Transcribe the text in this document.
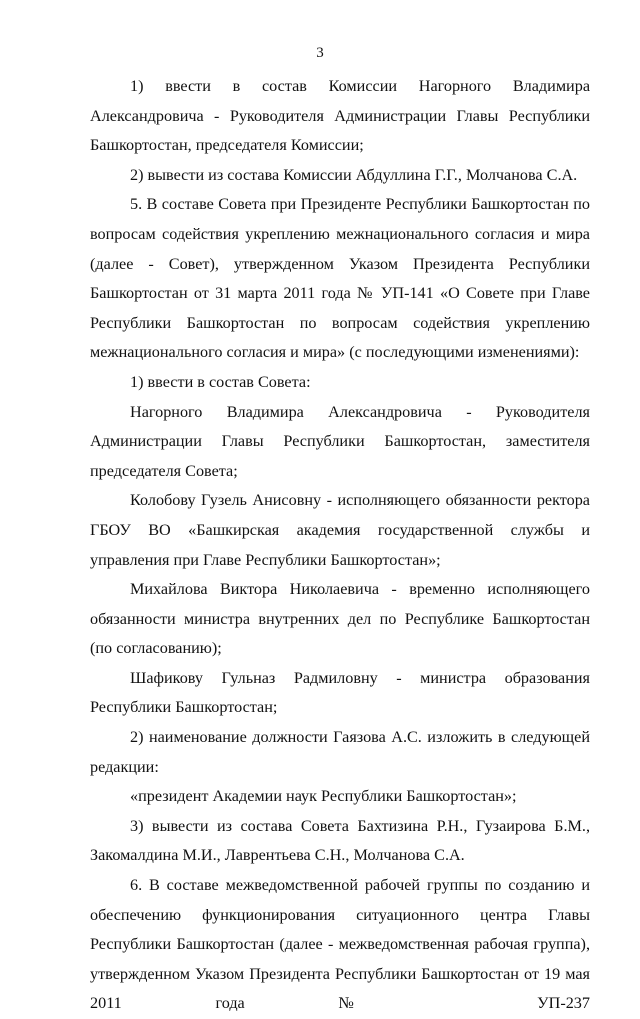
3

1) ввести в состав Комиссии Нагорного Владимира Александровича - Руководителя Администрации Главы Республики Башкортостан, председателя Комиссии;

2) вывести из состава Комиссии Абдуллина Г.Г., Молчанова С.А.

5. В составе Совета при Президенте Республики Башкортостан по вопросам содействия укреплению межнационального согласия и мира (далее - Совет), утвержденном Указом Президента Республики Башкортостан от 31 марта 2011 года № УП-141 «О Совете при Главе Республики Башкортостан по вопросам содействия укреплению межнационального согласия и мира» (с последующими изменениями):

1) ввести в состав Совета:

Нагорного Владимира Александровича - Руководителя Администрации Главы Республики Башкортостан, заместителя председателя Совета;

Колобову Гузель Анисовну - исполняющего обязанности ректора ГБОУ ВО «Башкирская академия государственной службы и управления при Главе Республики Башкортостан»;

Михайлова Виктора Николаевича - временно исполняющего обязанности министра внутренних дел по Республике Башкортостан (по согласованию);

Шафикову Гульназ Радмиловну - министра образования Республики Башкортостан;

2) наименование должности Гаязова А.С. изложить в следующей редакции:

«президент Академии наук Республики Башкортостан»;

3) вывести из состава Совета Бахтизина Р.Н., Гузаирова Б.М., Закомалдина М.И., Лаврентьева С.Н., Молчанова С.А.

6. В составе межведомственной рабочей группы по созданию и обеспечению функционирования ситуационного центра Главы Республики Башкортостан (далее - межведомственная рабочая группа), утвержденном Указом Президента Республики Башкортостан от 19 мая 2011 года № УП-237
